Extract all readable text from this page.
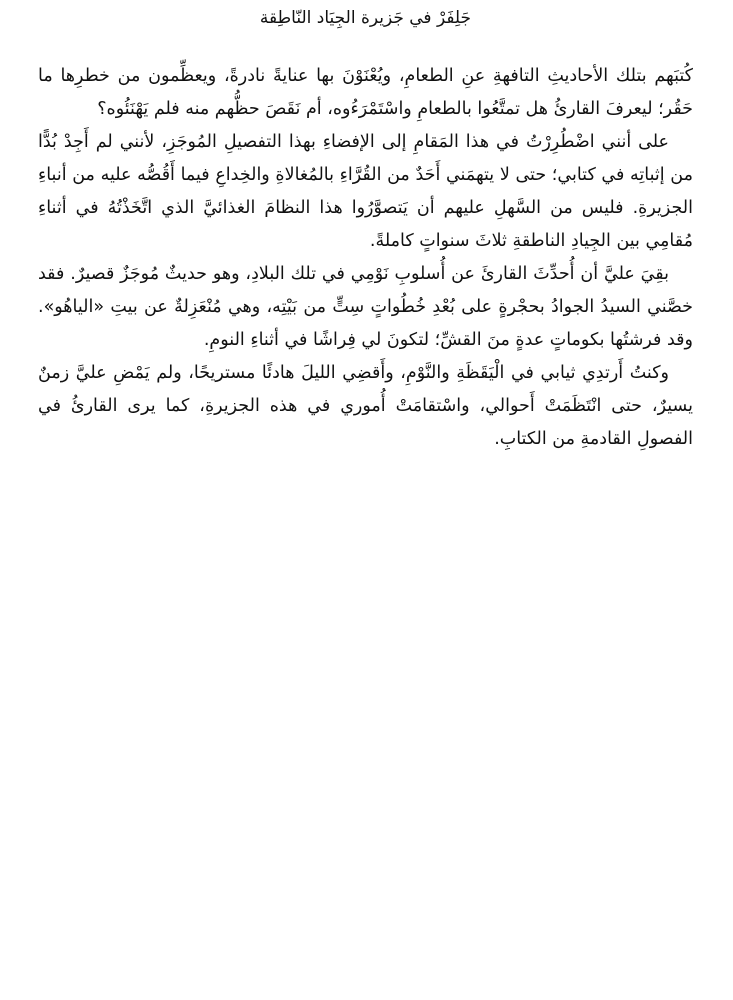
جَلِفَرْ في جَزيرة الجِيَاد النّاطِقة

كُتبَهم بتلك الأحاديثِ التافهةِ عنِ الطعامِ، ويُعْنَوْنَ بها عنايةً نادرةً، ويعظِّمون من خطرِها ما حَقُر؛ ليعرفَ القارئُ هل تمتَّعُوا بالطعامِ واسْتَمْرَءُوه، أم نَقَصَ حظُّهم منه فلم يَهْنَئُوه؟

على أنني اضْطُرِرْتُ في هذا المَقامِ إلى الإفضاءِ بهذا التفصيلِ المُوجَزِ، لأنني لم أَجِدْ بُدًّا من إثباتِه في كتابي؛ حتى لا يتهمَني أَحَدٌ من القُرَّاءِ بالمُغالاةِ والخِداعِ فيما أَقُصُّه عليه من أنباءِ الجزيرةِ. فليس من السَّهلِ عليهم أن يَتصوَّرُوا هذا النظامَ الغذائيَّ الذي اتَّخَذْتُهُ في أثناءِ مُقامِي بين الجِيادِ الناطقةِ ثلاثَ سنواتٍ كاملةً.

بقِيَ عليَّ أن أُحدِّثَ القارئَ عن أُسلوبِ نَوْمِي في تلك البلادِ، وهو حديثٌ مُوجَزٌ قصيرٌ. فقد خصَّني السيدُ الجوادُ بحجْرةٍ على بُعْدِ خُطُواتٍ سِتٍّ من بَيْتِه، وهي مُنْعَزِلةٌ عن بيتِ «الياهُو». وقد فرشتُها بكوماتٍ عدةٍ منَ القشِّ؛ لتكونَ لي فِراشًا في أثناءِ النومِ.

وكنتُ أَرتدِي ثيابي في الْيَقَظَةِ والنَّوْمِ، وأَقضِي الليلَ هادئًا مستريحًا، ولم يَمْضِ عليَّ زمنٌ يسيرٌ، حتى انْتَظَمَتْ أَحوالي، واسْتقامَتْ أُموري في هذه الجزيرةِ، كما يرى القارئُ في الفصولِ القادمةِ من الكتابِ.
